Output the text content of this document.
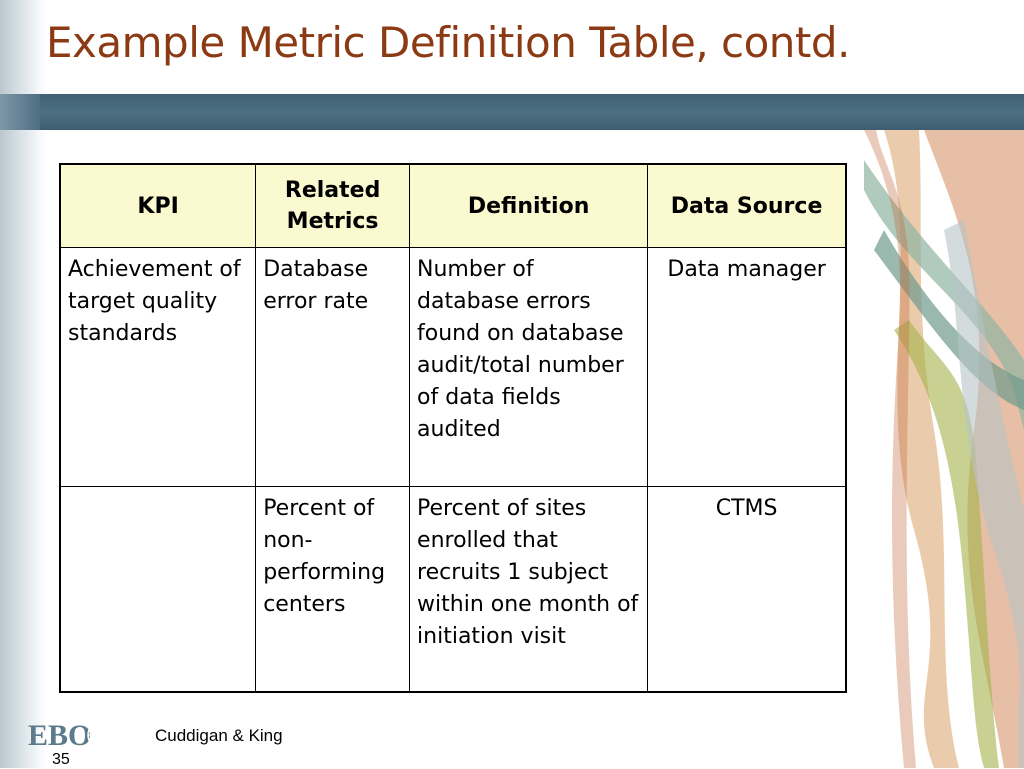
Example Metric Definition Table, contd.
KPI	Related Metrics	Definition	Data Source
Achievement of target quality standards	Database error rate	Number of database errors found on database audit/total number of data fields audited	Data manager
	Percent of non-performing centers	Percent of sites enrolled that recruits 1 subject within one month of initiation visit	CTMS
EBO	Cuddigan & King
35
